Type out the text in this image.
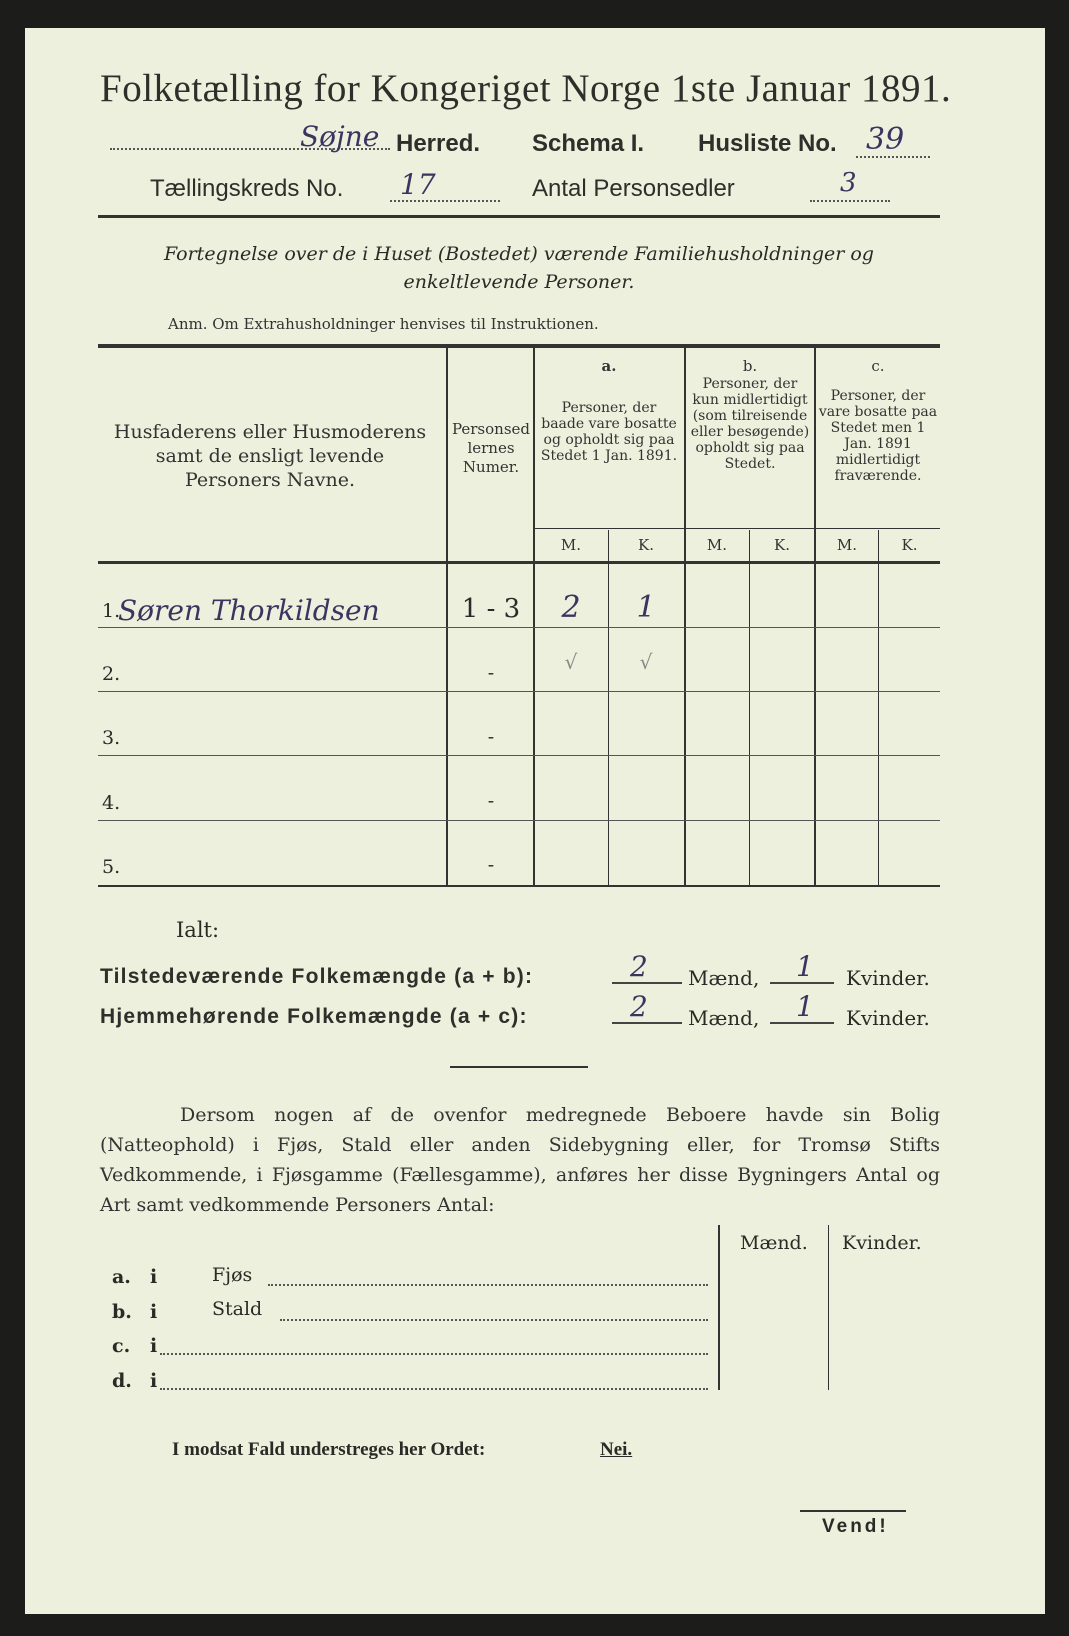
Folketælling for Kongeriget Norge 1ste Januar 1891.
Søjne Herred. Schema I. Husliste No. 39
Tællingskreds No. 17	Antal Personsedler	3
Fortegnelse over de i Huset (Bostedet) værende Familiehusholdninger og enkeltlevende Personer.
Anm. Om Extrahusholdninger henvises til Instruktionen.
Husfaderens eller Husmoderens samt de ensligt levende Personers Navne.
Personsedlernes Numer.
a.
Personer, der baade vare bosatte og opholdt sig paa Stedet 1 Jan. 1891.
b.
Personer, der kun midlertidigt (som tilreisende eller besøgende) opholdt sig paa Stedet.
c.
Personer, der vare bosatte paa Stedet men 1 Jan. 1891 midlertidigt fraværende.
M.	K.	M.	K.	M.	K.
1.
Søren Thorkildsen	1 - 3	2	1
2.	-	√	√
3.	-
4.	-
5.	-
Ialt:
Tilstedeværende Folkemængde (a + b):	2 Mænd, 1 Kvinder.
Hjemmehørende Folkemængde (a + c):	2 Mænd, 1 Kvinder.
Dersom nogen af de ovenfor medregnede Beboere havde sin Bolig (Natteophold) i Fjøs, Stald eller anden Sidebygning eller, for Tromsø Stifts Vedkommende, i Fjøsgamme (Fællesgamme), anføres her disse Bygningers Antal og Art samt vedkommende Personers Antal:
Mænd. Kvinder.
a. i	Fjøs
b. i	Stald
c. i
d. i
I modsat Fald understreges her Ordet:	Nei.
Vend!
